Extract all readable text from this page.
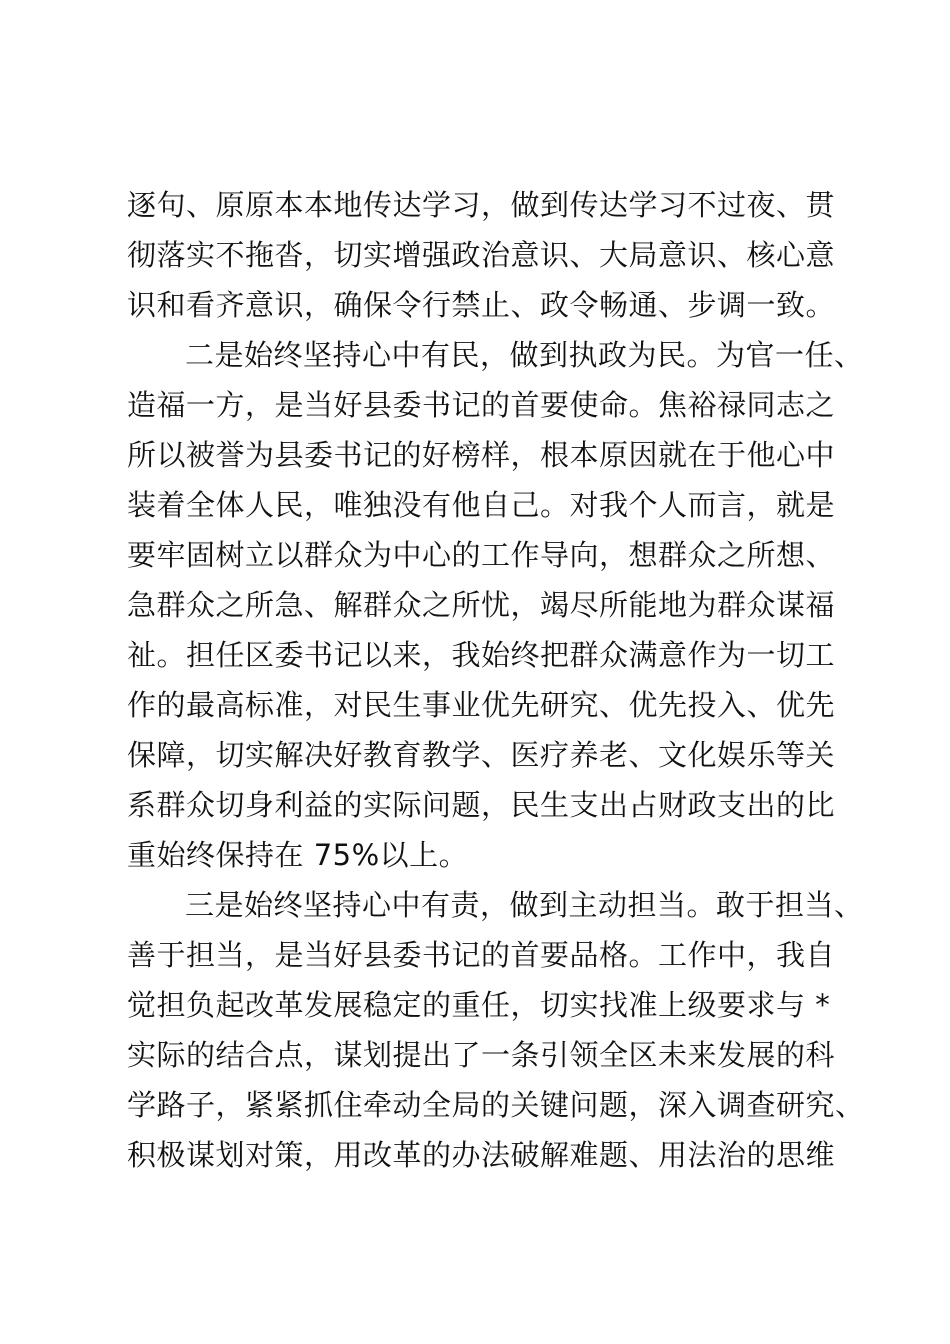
逐句、原原本本地传达学习，做到传达学习不过夜、贯
彻落实不拖沓，切实增强政治意识、大局意识、核心意
识和看齐意识，确保令行禁止、政令畅通、步调一致。
二是始终坚持心中有民，做到执政为民。为官一任、
造福一方，是当好县委书记的首要使命。焦裕禄同志之
所以被誉为县委书记的好榜样，根本原因就在于他心中
装着全体人民，唯独没有他自己。对我个人而言，就是
要牢固树立以群众为中心的工作导向，想群众之所想、
急群众之所急、解群众之所忧，竭尽所能地为群众谋福
祉。担任区委书记以来，我始终把群众满意作为一切工
作的最高标准，对民生事业优先研究、优先投入、优先
保障，切实解决好教育教学、医疗养老、文化娱乐等关
系群众切身利益的实际问题，民生支出占财政支出的比
重始终保持在 75%以上。
三是始终坚持心中有责，做到主动担当。敢于担当、
善于担当，是当好县委书记的首要品格。工作中，我自
觉担负起改革发展稳定的重任，切实找准上级要求与 *
实际的结合点，谋划提出了一条引领全区未来发展的科
学路子，紧紧抓住牵动全局的关键问题，深入调查研究、
积极谋划对策，用改革的办法破解难题、用法治的思维
